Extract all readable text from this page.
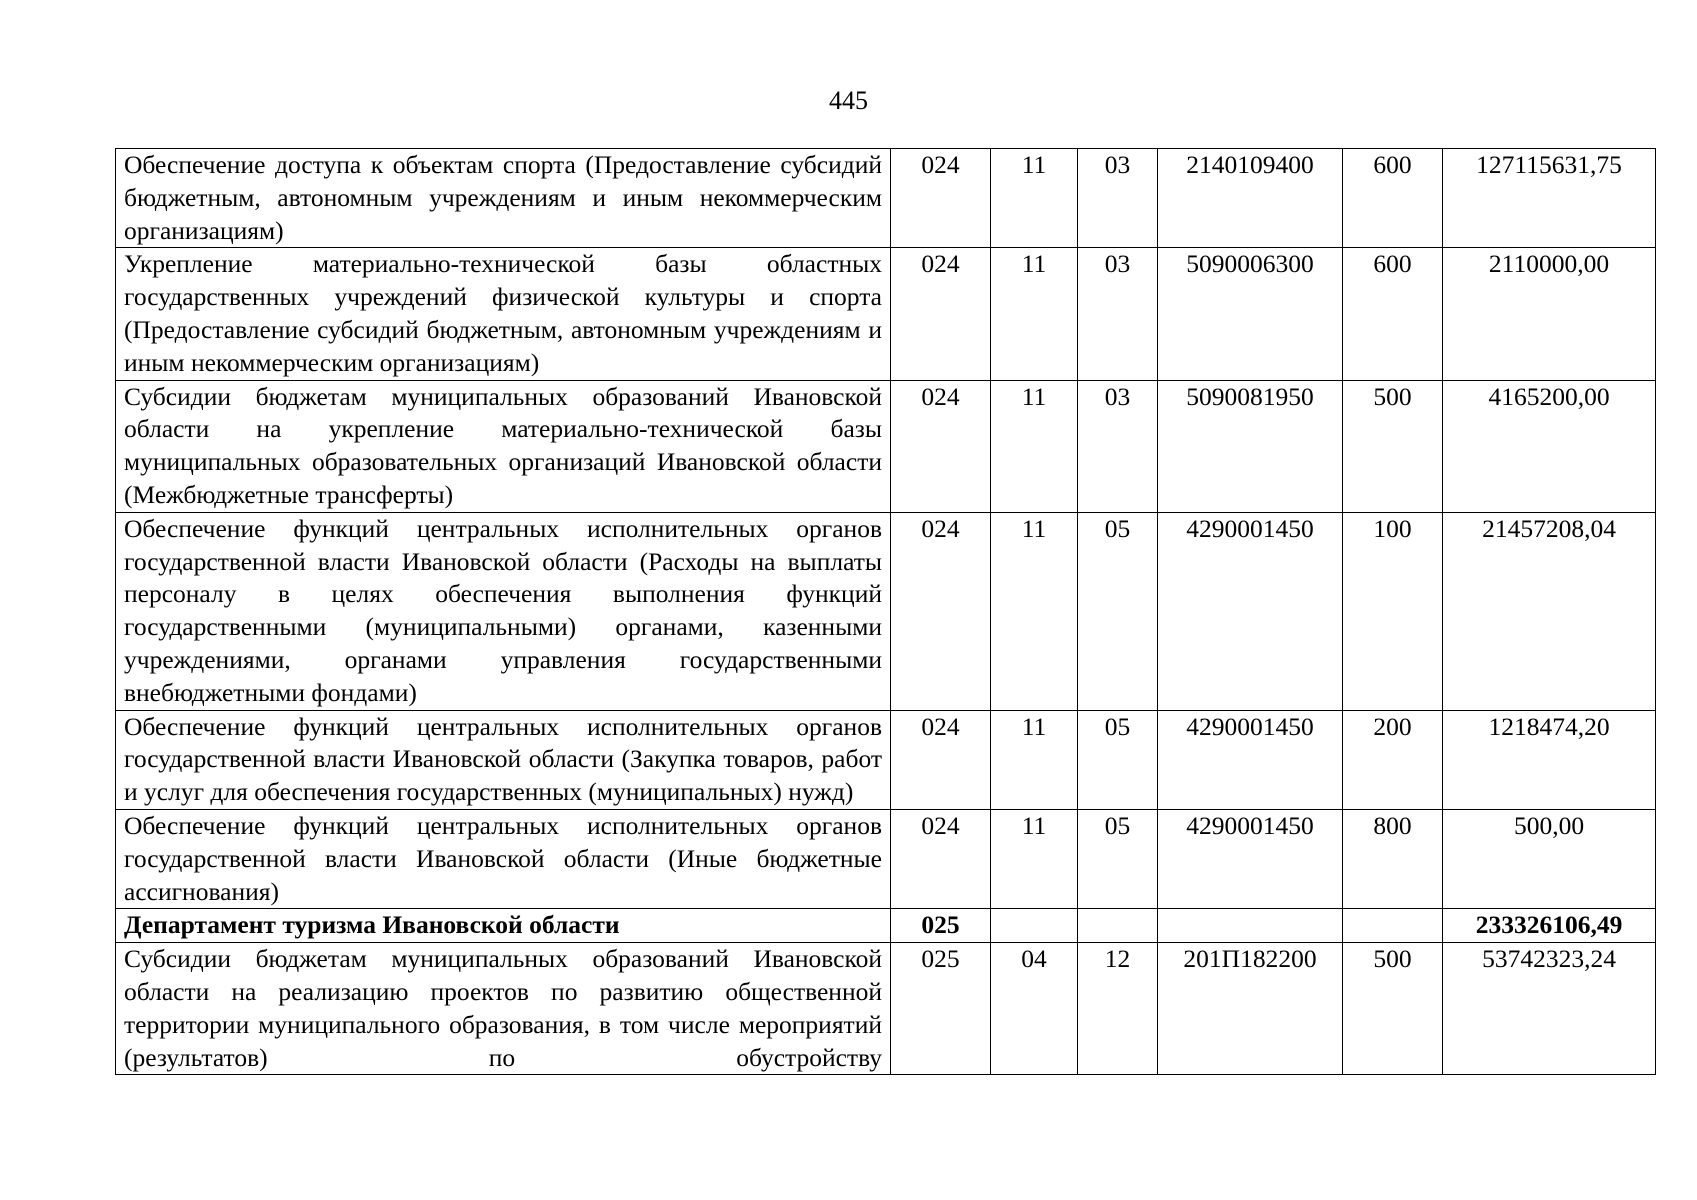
445
Обеспечение доступа к объектам спорта (Предоставление субсидий бюджетным, автономным учреждениям и иным некоммерческим организациям)	024	11	03	2140109400	600	127115631,75
Укрепление материально-технической базы областных государственных учреждений физической культуры и спорта (Предоставление субсидий бюджетным, автономным учреждениям и иным некоммерческим организациям)	024	11	03	5090006300	600	2110000,00
Субсидии бюджетам муниципальных образований Ивановской области на укрепление материально-технической базы муниципальных образовательных организаций Ивановской области (Межбюджетные трансферты)	024	11	03	5090081950	500	4165200,00
Обеспечение функций центральных исполнительных органов государственной власти Ивановской области (Расходы на выплаты персоналу в целях обеспечения выполнения функций государственными (муниципальными) органами, казенными учреждениями, органами управления государственными внебюджетными фондами)	024	11	05	4290001450	100	21457208,04
Обеспечение функций центральных исполнительных органов государственной власти Ивановской области (Закупка товаров, работ и услуг для обеспечения государственных (муниципальных) нужд)	024	11	05	4290001450	200	1218474,20
Обеспечение функций центральных исполнительных органов государственной власти Ивановской области (Иные бюджетные ассигнования)	024	11	05	4290001450	800	500,00
Департамент туризма Ивановской области	025					233326106,49
Субсидии бюджетам муниципальных образований Ивановской области на реализацию проектов по развитию общественной территории муниципального образования, в том числе мероприятий (результатов) по обустройству	025	04	12	201П182200	500	53742323,24
